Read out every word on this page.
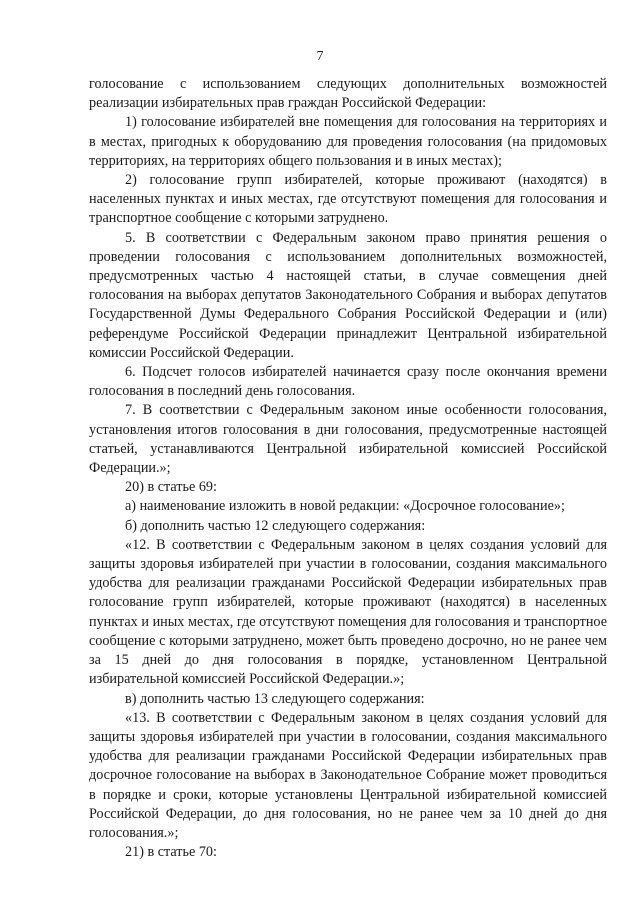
7

голосование с использованием следующих дополнительных возможностей реализации избирательных прав граждан Российской Федерации:

1) голосование избирателей вне помещения для голосования на территориях и в местах, пригодных к оборудованию для проведения голосования (на придомовых территориях, на территориях общего пользования и в иных местах);

2) голосование групп избирателей, которые проживают (находятся) в населенных пунктах и иных местах, где отсутствуют помещения для голосования и транспортное сообщение с которыми затруднено.

5. В соответствии с Федеральным законом право принятия решения о проведении голосования с использованием дополнительных возможностей, предусмотренных частью 4 настоящей статьи, в случае совмещения дней голосования на выборах депутатов Законодательного Собрания и выборах депутатов Государственной Думы Федерального Собрания Российской Федерации и (или) референдуме Российской Федерации принадлежит Центральной избирательной комиссии Российской Федерации.

6. Подсчет голосов избирателей начинается сразу после окончания времени голосования в последний день голосования.

7. В соответствии с Федеральным законом иные особенности голосования, установления итогов голосования в дни голосования, предусмотренные настоящей статьей, устанавливаются Центральной избирательной комиссией Российской Федерации.»;

20) в статье 69:

а) наименование изложить в новой редакции: «Досрочное голосование»;

б) дополнить частью 12 следующего содержания:

«12. В соответствии с Федеральным законом в целях создания условий для защиты здоровья избирателей при участии в голосовании, создания максимального удобства для реализации гражданами Российской Федерации избирательных прав голосование групп избирателей, которые проживают (находятся) в населенных пунктах и иных местах, где отсутствуют помещения для голосования и транспортное сообщение с которыми затруднено, может быть проведено досрочно, но не ранее чем за 15 дней до дня голосования в порядке, установленном Центральной избирательной комиссией Российской Федерации.»;

в) дополнить частью 13 следующего содержания:

«13. В соответствии с Федеральным законом в целях создания условий для защиты здоровья избирателей при участии в голосовании, создания максимального удобства для реализации гражданами Российской Федерации избирательных прав досрочное голосование на выборах в Законодательное Собрание может проводиться в порядке и сроки, которые установлены Центральной избирательной комиссией Российской Федерации, до дня голосования, но не ранее чем за 10 дней до дня голосования.»;

21) в статье 70:
